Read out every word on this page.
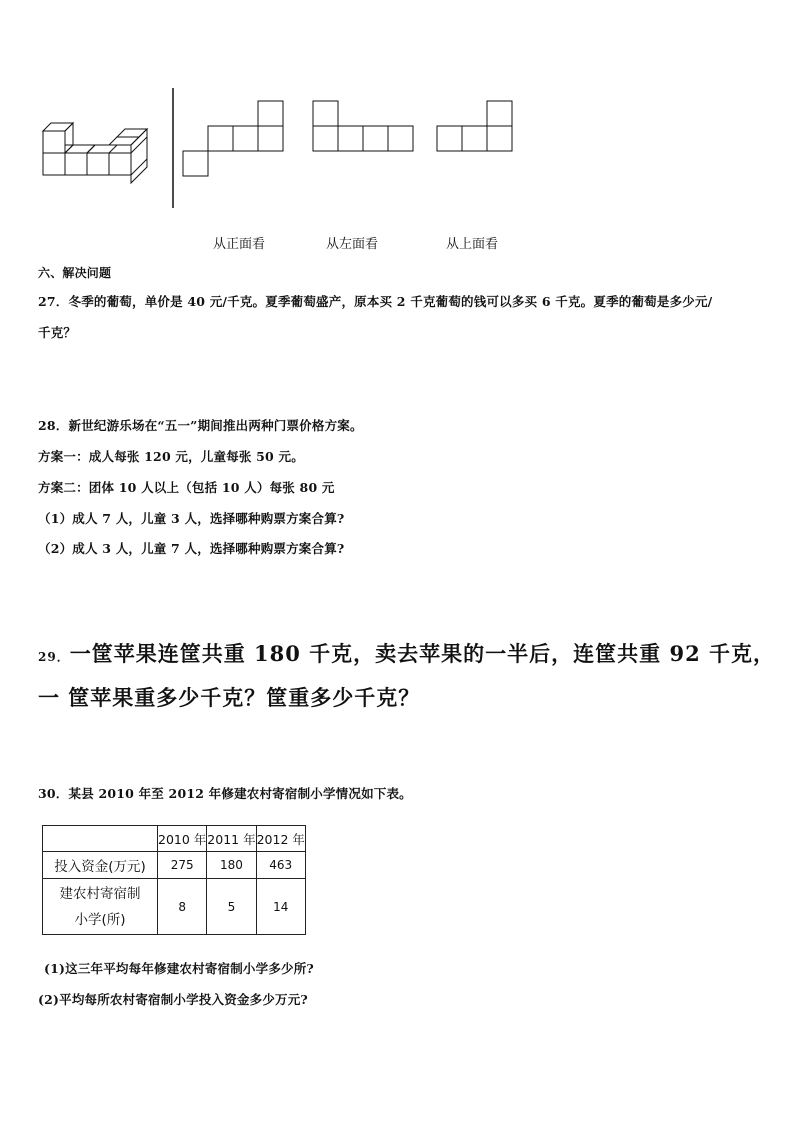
从正面看	从左面看	从上面看
六、解决问题
27．冬季的葡萄，单价是 40 元/千克。夏季葡萄盛产，原本买 2 千克葡萄的钱可以多买 6 千克。夏季的葡萄是多少元/
千克？
28．新世纪游乐场在“五一”期间推出两种门票价格方案。
方案一：成人每张 120 元，儿童每张 50 元。
方案二：团体 10 人以上（包括 10 人）每张 80 元
（1）成人 7 人，儿童 3 人，选择哪种购票方案合算?
（2）成人 3 人，儿童 7 人，选择哪种购票方案合算?
29．一筐苹果连筐共重 180 千克，卖去苹果的一半后，连筐共重 92 千克，
一 筐苹果重多少千克？筐重多少千克？
30．某县 2010 年至 2012 年修建农村寄宿制小学情况如下表。
	2010 年	2011 年	2012 年
投入资金(万元)	275	180	463

建农村寄宿制
小学(所)	8	5	14
(1)这三年平均每年修建农村寄宿制小学多少所?
(2)平均每所农村寄宿制小学投入资金多少万元?
